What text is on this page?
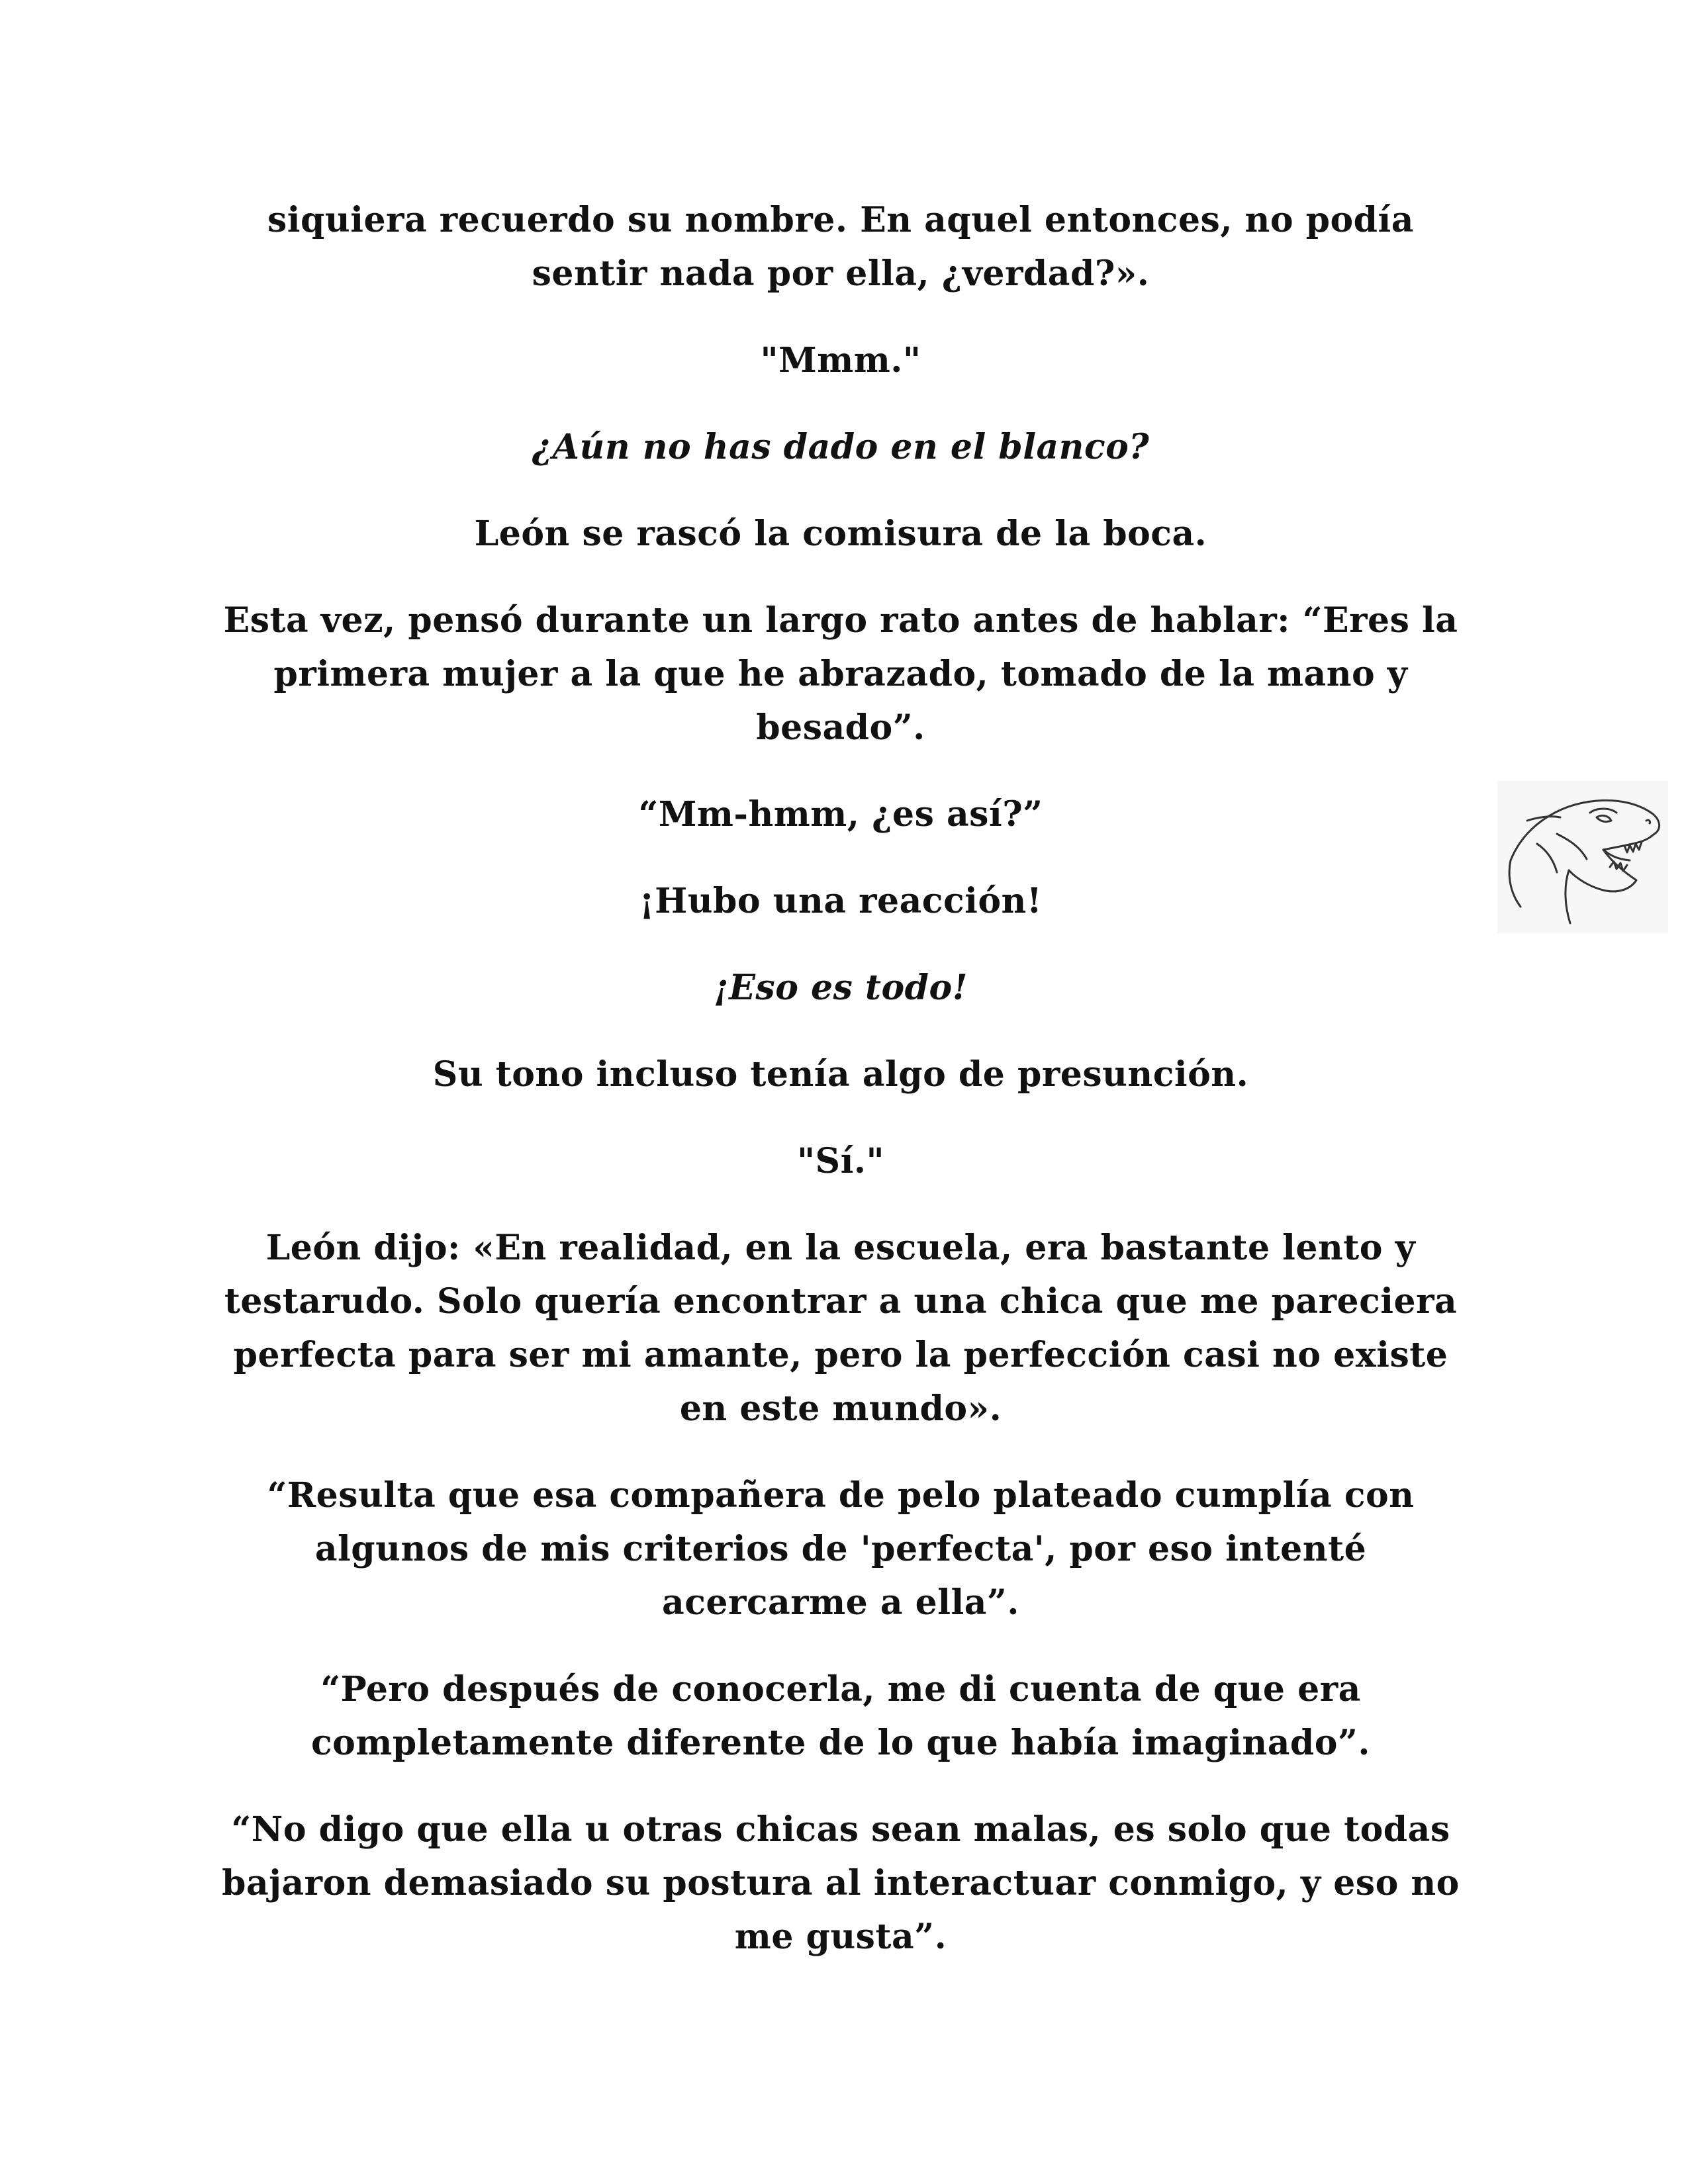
siquiera recuerdo su nombre. En aquel entonces, no podía sentir nada por ella, ¿verdad?».

"Mmm."

¿Aún no has dado en el blanco?

León se rascó la comisura de la boca.

Esta vez, pensó durante un largo rato antes de hablar: “Eres la primera mujer a la que he abrazado, tomado de la mano y besado”.

“Mm-hmm, ¿es así?”

¡Hubo una reacción!

¡Eso es todo!

Su tono incluso tenía algo de presunción.

"Sí."

León dijo: «En realidad, en la escuela, era bastante lento y testarudo. Solo quería encontrar a una chica que me pareciera perfecta para ser mi amante, pero la perfección casi no existe en este mundo».

“Resulta que esa compañera de pelo plateado cumplía con algunos de mis criterios de 'perfecta', por eso intenté acercarme a ella”.

“Pero después de conocerla, me di cuenta de que era completamente diferente de lo que había imaginado”.

“No digo que ella u otras chicas sean malas, es solo que todas bajaron demasiado su postura al interactuar conmigo, y eso no me gusta”.
